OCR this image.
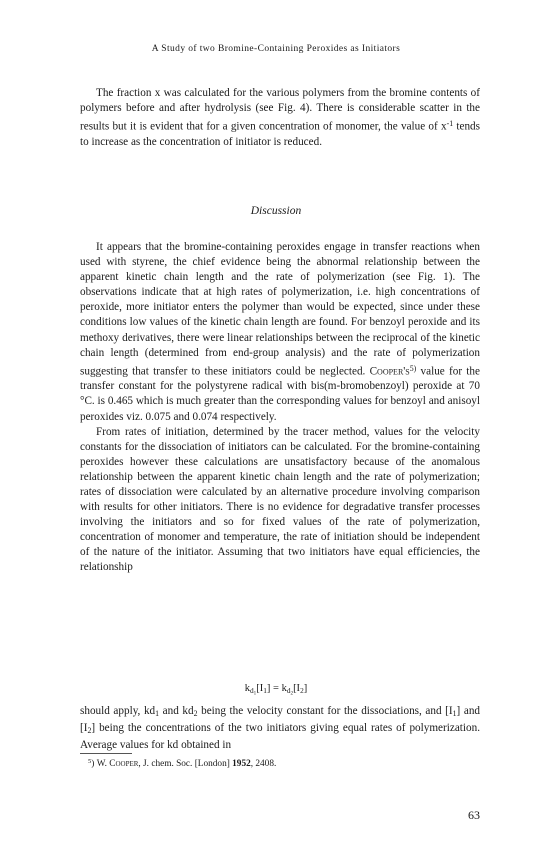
A Study of two Bromine-Containing Peroxides as Initiators

The fraction x was calculated for the various polymers from the bromine contents of polymers before and after hydrolysis (see Fig. 4). There is considerable scatter in the results but it is evident that for a given concentration of monomer, the value of $x^{-1}$ tends to increase as the concentration of initiator is reduced.

Discussion

It appears that the bromine-containing peroxides engage in transfer reactions when used with styrene, the chief evidence being the abnormal relationship between the apparent kinetic chain length and the rate of polymerization (see Fig. 1). The observations indicate that at high rates of polymerization, i.e. high concentrations of peroxide, more initiator enters the polymer than would be expected, since under these conditions low values of the kinetic chain length are found. For benzoyl peroxide and its methoxy derivatives, there were linear relationships between the reciprocal of the kinetic chain length (determined from end-group analysis) and the rate of polymerization suggesting that transfer to these initiators could be neglected. $Cooper's^{5)}$ value for the transfer constant for the polystyrene radical with bis(m-bromobenzoyl) peroxide at 70 °C. is 0.465 which is much greater than the corresponding values for benzoyl and anisoyl peroxides viz. 0.075 and 0.074 respectively.

From rates of initiation, determined by the tracer method, values for the velocity constants for the dissociation of initiators can be calculated. For the bromine-containing peroxides however these calculations are unsatisfactory because of the anomalous relationship between the apparent kinetic chain length and the rate of polymerization; rates of dissociation were calculated by an alternative procedure involving comparison with results for other initiators. There is no evidence for degradative transfer processes involving the initiators and so for fixed values of the rate of polymerization, concentration of monomer and temperature, the rate of initiation should be independent of the nature of the initiator. Assuming that two initiators have equal efficiencies, the relationship

$k_{d_1}[I_1] = k_{d_2}[I_2]$

should apply, $kd_1$ and $kd_2$ being the velocity constant for the dissociations, and $[I_1]$ and $[I_2]$ being the concentrations of the two initiators giving equal rates of polymerization. Average values for kd obtained in

$^5$) W. Cooper, J. chem. Soc. [London] 1952, 2408.
63
